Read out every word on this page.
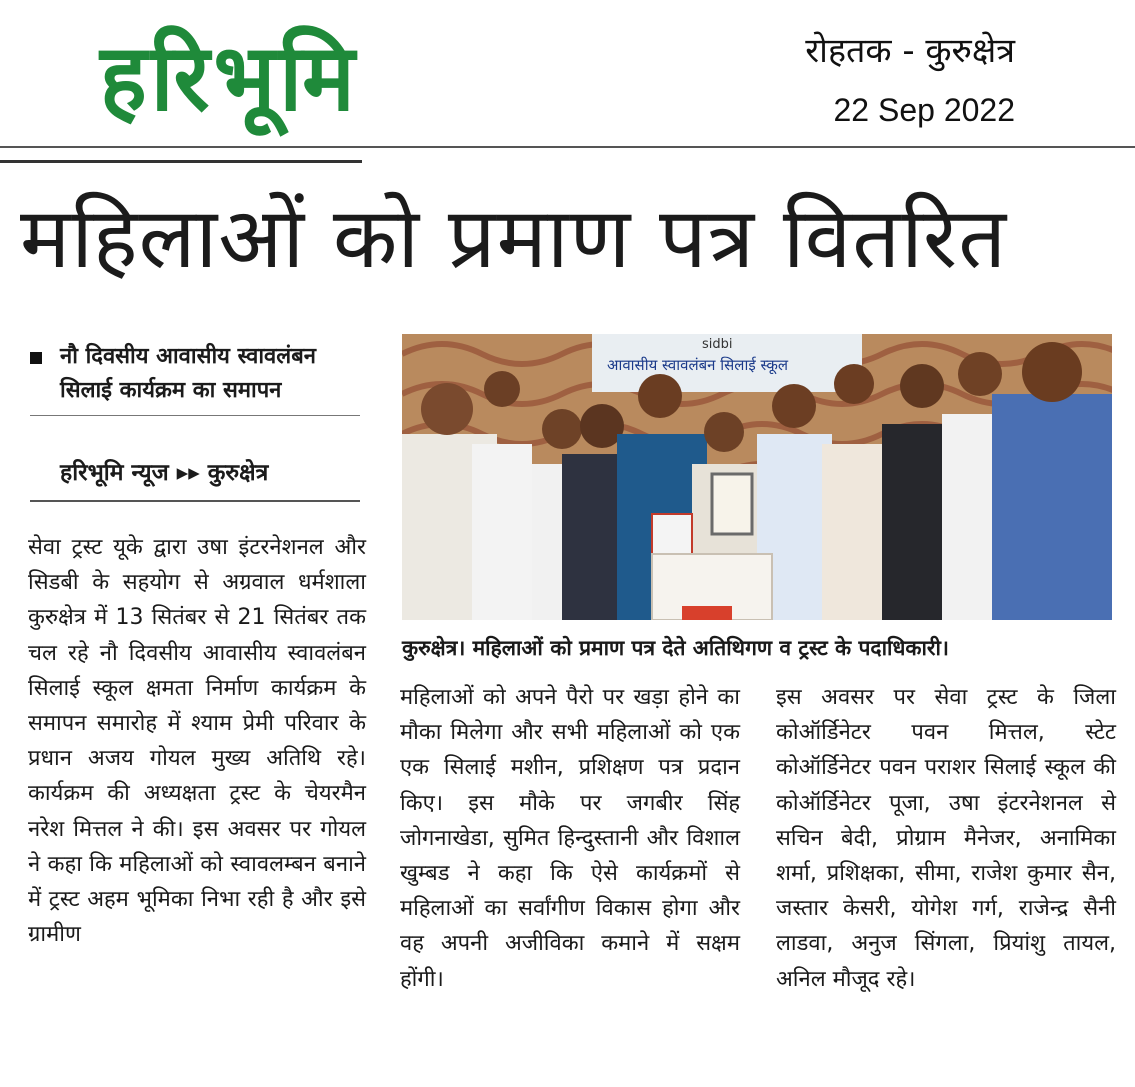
हरिभूमि	रोहतक - कुरुक्षेत्र
22 Sep 2022
महिलाओं को प्रमाण पत्र वितरित
नौ दिवसीय आवासीय स्वावलंबन सिलाई कार्यक्रम का समापन
हरिभूमि न्यूज ▸▸ कुरुक्षेत्र
सेवा ट्रस्ट यूके द्वारा उषा इंटरनेशनल और सिडबी के सहयोग से अग्रवाल धर्मशाला कुरुक्षेत्र में 13 सितंबर से 21 सितंबर तक चल रहे नौ दिवसीय आवासीय स्वावलंबन सिलाई स्कूल क्षमता निर्माण कार्यक्रम के समापन समारोह में श्याम प्रेमी परिवार के प्रधान अजय गोयल मुख्य अतिथि रहे। कार्यक्रम की अध्यक्षता ट्रस्ट के चेयरमैन नरेश मित्तल ने की। इस अवसर पर गोयल ने कहा कि महिलाओं को स्वावलम्बन बनाने में ट्रस्ट अहम भूमिका निभा रही है और इसे ग्रामीण
sidbi
आवासीय स्वावलंबन सिलाई स्कूल
कुरुक्षेत्र। महिलाओं को प्रमाण पत्र देते अतिथिगण व ट्रस्ट के पदाधिकारी।
महिलाओं को अपने पैरो पर खड़ा होने का मौका मिलेगा और सभी महिलाओं को एक एक सिलाई मशीन, प्रशिक्षण पत्र प्रदान किए। इस मौके पर जगबीर सिंह जोगनाखेडा, सुमित हिन्दुस्तानी और विशाल खुम्बड ने कहा कि ऐसे कार्यक्रमों से महिलाओं का सर्वांगीण विकास होगा और वह अपनी अजीविका कमाने में सक्षम होंगी।
इस अवसर पर सेवा ट्रस्ट के जिला कोऑर्डिनेटर पवन मित्तल, स्टेट कोऑर्डिनेटर पवन पराशर सिलाई स्कूल की कोऑर्डिनेटर पूजा, उषा इंटरनेशनल से सचिन बेदी, प्रोग्राम मैनेजर, अनामिका शर्मा, प्रशिक्षका, सीमा, राजेश कुमार सैन, जस्तार केसरी, योगेश गर्ग, राजेन्द्र सैनी लाडवा, अनुज सिंगला, प्रियांशु तायल, अनिल मौजूद रहे।
